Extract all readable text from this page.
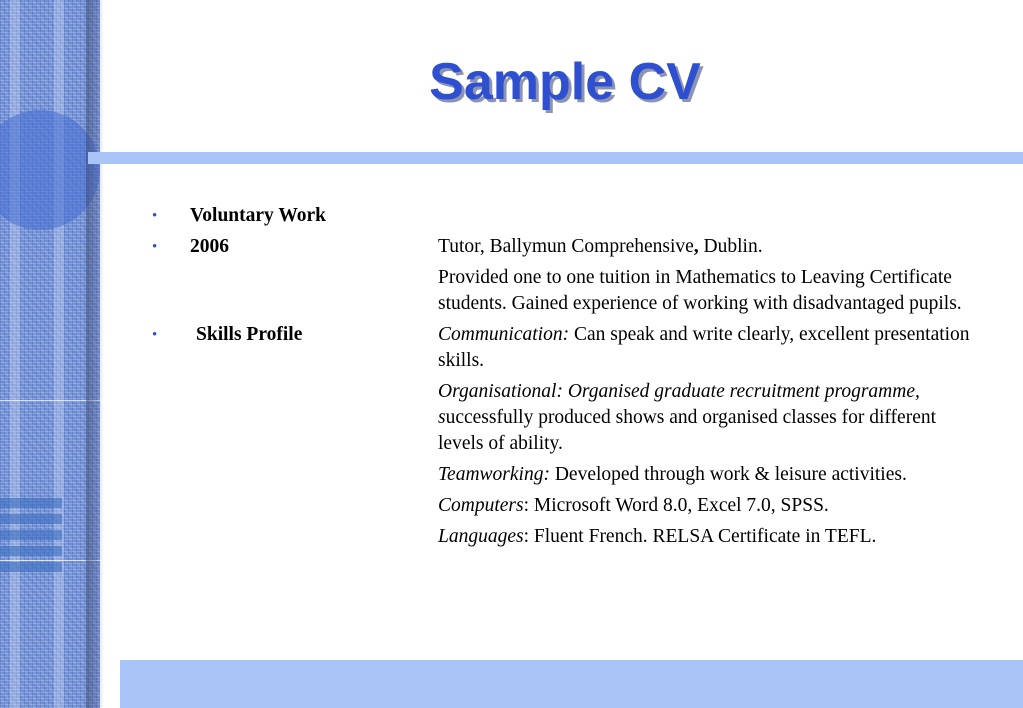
Sample CV
•	Voluntary Work
•	2006	Tutor, Ballymun Comprehensive, Dublin.
Provided one to one tuition in Mathematics to Leaving Certificate students. Gained experience of working with disadvantaged pupils.
•	Skills Profile	Communication: Can speak and write clearly, excellent presentation skills.
Organisational: Organised graduate recruitment programme, successfully produced shows and organised classes for different levels of ability.
Teamworking: Developed through work & leisure activities.
Computers: Microsoft Word 8.0, Excel 7.0, SPSS.
Languages: Fluent French. RELSA Certificate in TEFL.
